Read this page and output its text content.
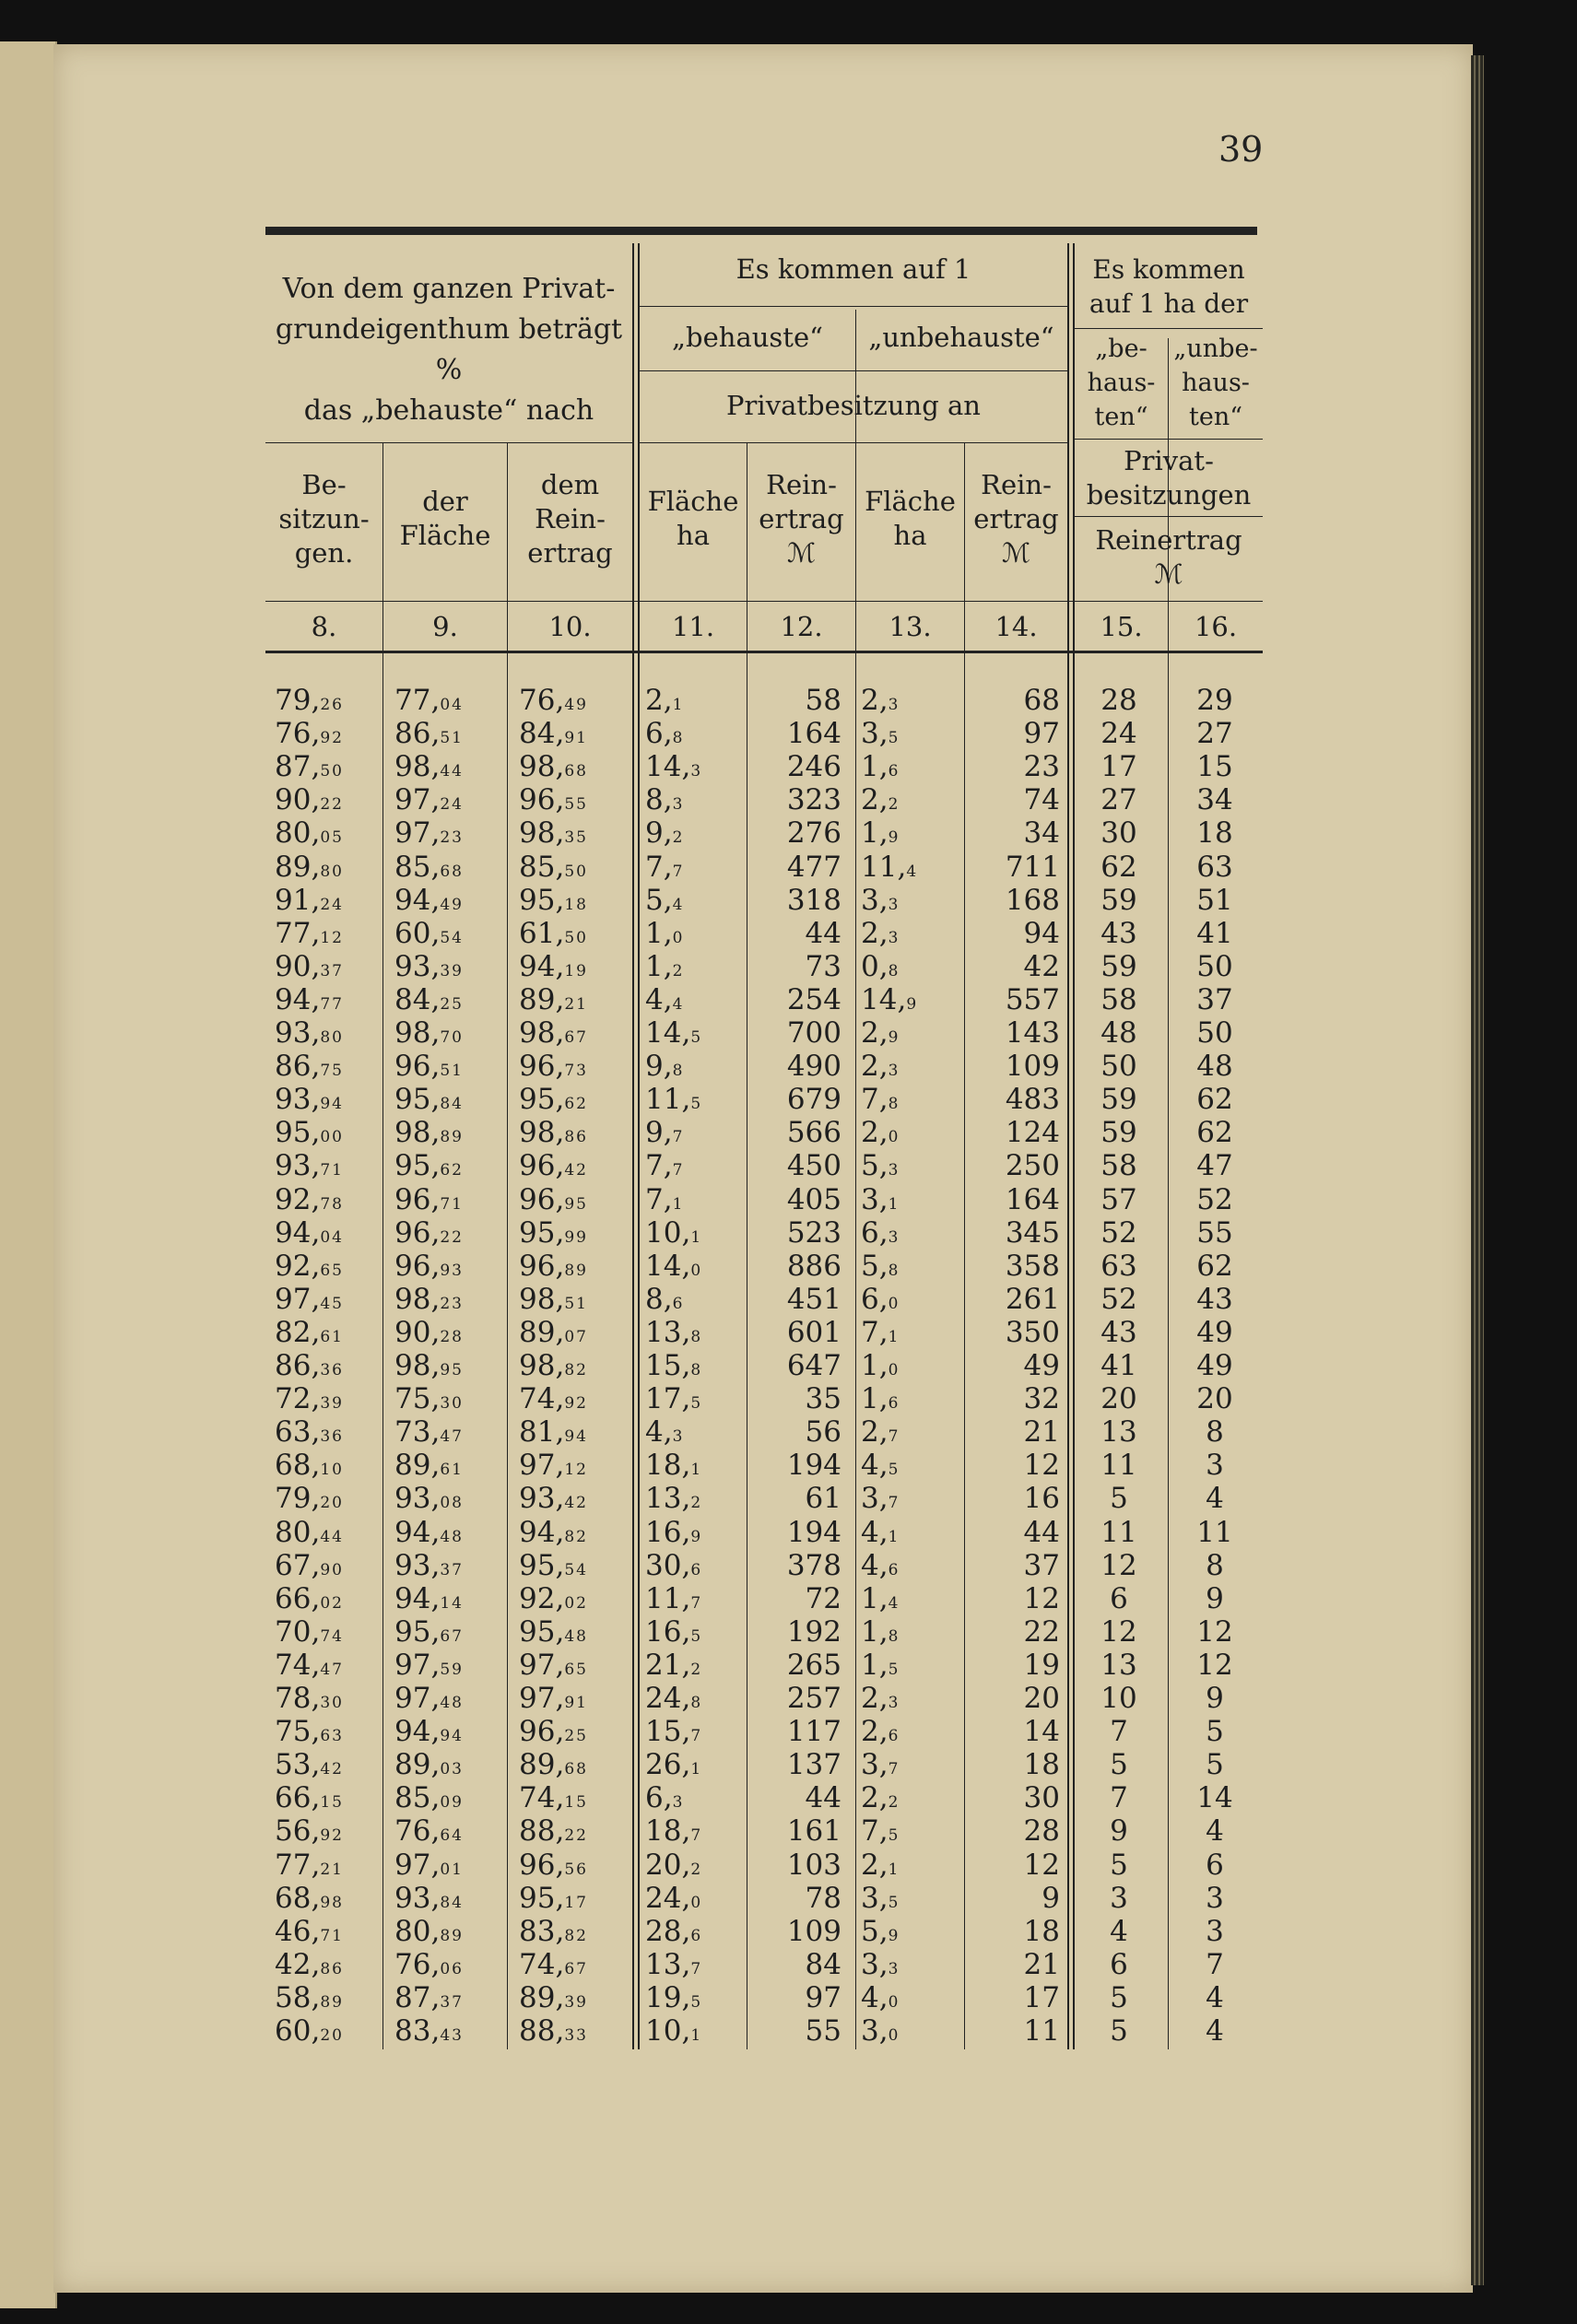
39
Von dem ganzen Privat-
grundeigenthum beträgt %
das „behauste“ nach
Es kommen auf 1
„behauste“	„unbehauste“
Privatbesitzung an
Es kommen
auf 1 ha der
„be-
haus-
ten“
„unbe-
haus-
ten“
Privat-
besitzungen
Reinertrag
ℳ
Be-
sitzun-
gen.
der
Fläche
dem
Rein-
ertrag
Fläche
ha
Rein-
ertrag
ℳ
Fläche
ha
Rein-
ertrag
ℳ
8.	9.	10.	11.	12.	13.	14.	15.	16.
79,26	77,04	76,49	2,1	58 2,3	68	28	29
76,92	86,51	84,91	6,8	164 3,5	97	24	27
87,50	98,44	98,68	14,3	246 1,6	23	17	15
90,22	97,24	96,55	8,3	323 2,2	74	27	34
80,05	97,23	98,35	9,2	276 1,9	34	30	18
89,80	85,68	85,50	7,7	477 11,4	711	62	63
91,24	94,49	95,18	5,4	318 3,3	168	59	51
77,12	60,54	61,50	1,0	44 2,3	94	43	41
90,37	93,39	94,19	1,2	73 0,8	42	59	50
94,77	84,25	89,21	4,4	254 14,9	557	58	37
93,80	98,70	98,67	14,5	700 2,9	143	48	50
86,75	96,51	96,73	9,8	490 2,3	109	50	48
93,94	95,84	95,62	11,5	679 7,8	483	59	62
95,00	98,89	98,86	9,7	566 2,0	124	59	62
93,71	95,62	96,42	7,7	450 5,3	250	58	47
92,78	96,71	96,95	7,1	405 3,1	164	57	52
94,04	96,22	95,99	10,1	523 6,3	345	52	55
92,65	96,93	96,89	14,0	886 5,8	358	63	62
97,45	98,23	98,51	8,6	451 6,0	261	52	43
82,61	90,28	89,07	13,8	601 7,1	350	43	49
86,36	98,95	98,82	15,8	647 1,0	49	41	49
72,39	75,30	74,92	17,5	35 1,6	32	20	20
63,36	73,47	81,94	4,3	56 2,7	21	13	8
68,10	89,61	97,12	18,1	194 4,5	12	11	3
79,20	93,08	93,42	13,2	61 3,7	16	5	4
80,44	94,48	94,82	16,9	194 4,1	44	11	11
67,90	93,37	95,54	30,6	378 4,6	37	12	8
66,02	94,14	92,02	11,7	72 1,4	12	6	9
70,74	95,67	95,48	16,5	192 1,8	22	12	12
74,47	97,59	97,65	21,2	265 1,5	19	13	12
78,30	97,48	97,91	24,8	257 2,3	20	10	9
75,63	94,94	96,25	15,7	117 2,6	14	7	5
53,42	89,03	89,68	26,1	137 3,7	18	5	5
66,15	85,09	74,15	6,3	44 2,2	30	7	14
56,92	76,64	88,22	18,7	161 7,5	28	9	4
77,21	97,01	96,56	20,2	103 2,1	12	5	6
68,98	93,84	95,17	24,0	78 3,5	9	3	3
46,71	80,89	83,82	28,6	109 5,9	18	4	3
42,86	76,06	74,67	13,7	84 3,3	21	6	7
58,89	87,37	89,39	19,5	97 4,0	17	5	4
60,20	83,43	88,33	10,1	55 3,0	11	5	4
